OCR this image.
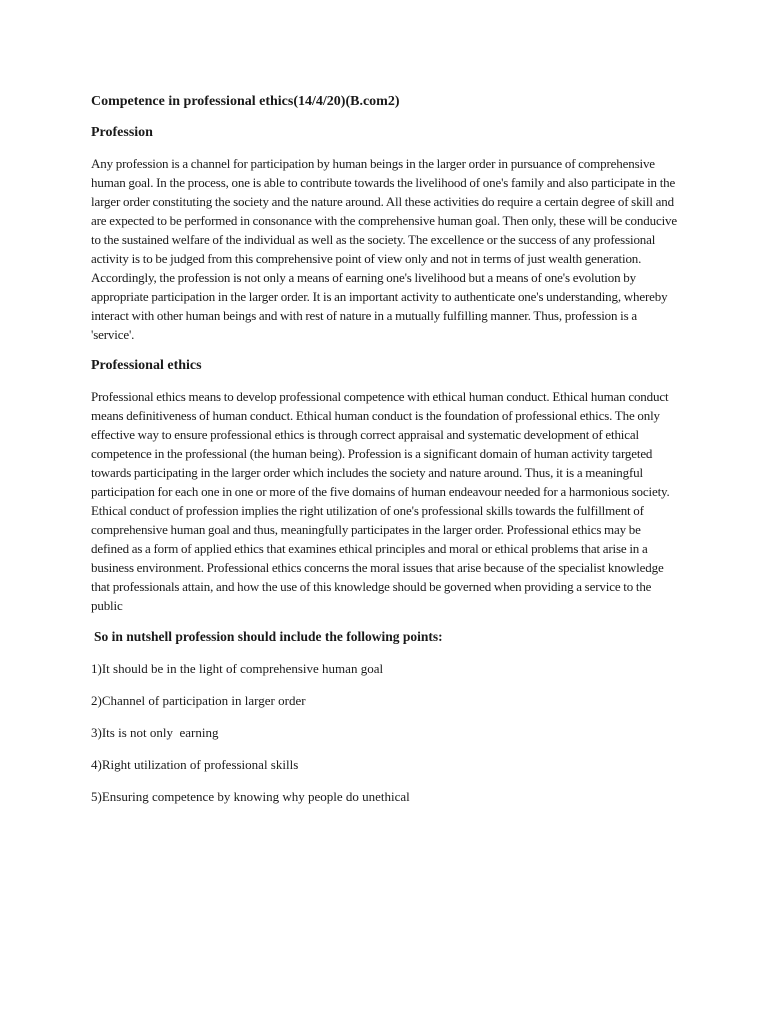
Competence in professional ethics(14/4/20)(B.com2)
Profession

Any profession is a channel for participation by human beings in the larger order in pursuance of comprehensive human goal. In the process, one is able to contribute towards the livelihood of one's family and also participate in the larger order constituting the society and the nature around. All these activities do require a certain degree of skill and are expected to be performed in consonance with the comprehensive human goal. Then only, these will be conducive to the sustained welfare of the individual as well as the society. The excellence or the success of any professional activity is to be judged from this comprehensive point of view only and not in terms of just wealth generation. Accordingly, the profession is not only a means of earning one's livelihood but a means of one's evolution by appropriate participation in the larger order. It is an important activity to authenticate one's understanding, whereby interact with other human beings and with rest of nature in a mutually fulfilling manner. Thus, profession is a 'service'.

Professional ethics

Professional ethics means to develop professional competence with ethical human conduct. Ethical human conduct means definitiveness of human conduct. Ethical human conduct is the foundation of professional ethics. The only effective way to ensure professional ethics is through correct appraisal and systematic development of ethical competence in the professional (the human being). Profession is a significant domain of human activity targeted towards participating in the larger order which includes the society and nature around. Thus, it is a meaningful participation for each one in one or more of the five domains of human endeavour needed for a harmonious society. Ethical conduct of profession implies the right utilization of one's professional skills towards the fulfillment of comprehensive human goal and thus, meaningfully participates in the larger order. Professional ethics may be defined as a form of applied ethics that examines ethical principles and moral or ethical problems that arise in a business environment. Professional ethics concerns the moral issues that arise because of the specialist knowledge that professionals attain, and how the use of this knowledge should be governed when providing a service to the public

So in nutshell profession should include the following points:
1)It should be in the light of comprehensive human goal
2)Channel of participation in larger order
3)Its is not only  earning
4)Right utilization of professional skills
5)Ensuring competence by knowing why people do unethical
